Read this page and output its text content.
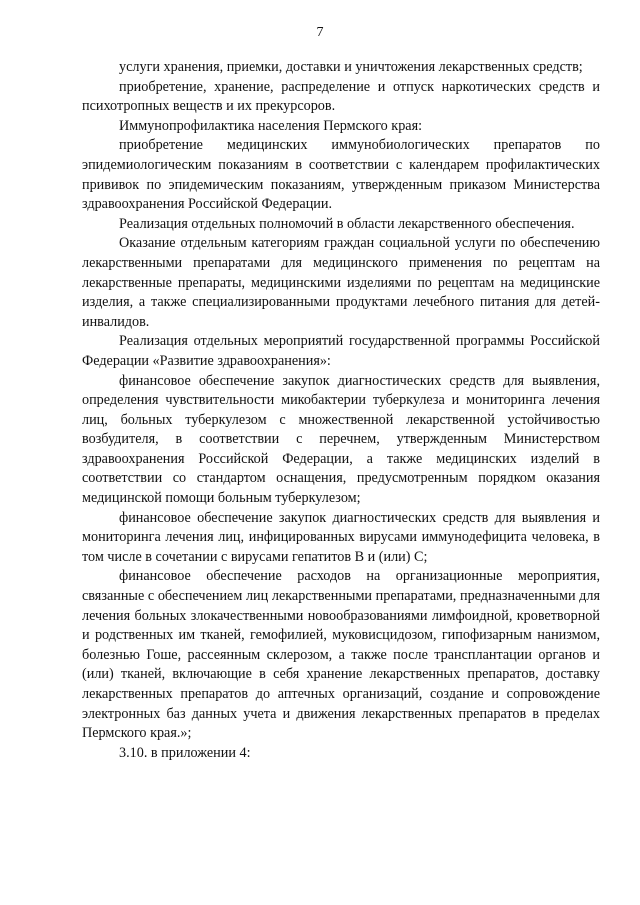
7

услуги хранения, приемки, доставки и уничтожения лекарственных средств;

приобретение, хранение, распределение и отпуск наркотических средств и психотропных веществ и их прекурсоров.

Иммунопрофилактика населения Пермского края:

приобретение медицинских иммунобиологических препаратов по эпидемиологическим показаниям в соответствии с календарем профилактических прививок по эпидемическим показаниям, утвержденным приказом Министерства здравоохранения Российской Федерации.

Реализация отдельных полномочий в области лекарственного обеспечения.

Оказание отдельным категориям граждан социальной услуги по обеспечению лекарственными препаратами для медицинского применения по рецептам на лекарственные препараты, медицинскими изделиями по рецептам на медицинские изделия, а также специализированными продуктами лечебного питания для детей-инвалидов.

Реализация отдельных мероприятий государственной программы Российской Федерации «Развитие здравоохранения»:

финансовое обеспечение закупок диагностических средств для выявления, определения чувствительности микобактерии туберкулеза и мониторинга лечения лиц, больных туберкулезом с множественной лекарственной устойчивостью возбудителя, в соответствии с перечнем, утвержденным Министерством здравоохранения Российской Федерации, а также медицинских изделий в соответствии со стандартом оснащения, предусмотренным порядком оказания медицинской помощи больным туберкулезом;

финансовое обеспечение закупок диагностических средств для выявления и мониторинга лечения лиц, инфицированных вирусами иммунодефицита человека, в том числе в сочетании с вирусами гепатитов В и (или) С;

финансовое обеспечение расходов на организационные мероприятия, связанные с обеспечением лиц лекарственными препаратами, предназначенными для лечения больных злокачественными новообразованиями лимфоидной, кроветворной и родственных им тканей, гемофилией, муковисцидозом, гипофизарным нанизмом, болезнью Гоше, рассеянным склерозом, а также после трансплантации органов и (или) тканей, включающие в себя хранение лекарственных препаратов, доставку лекарственных препаратов до аптечных организаций, создание и сопровождение электронных баз данных учета и движения лекарственных препаратов в пределах Пермского края.»;

3.10. в приложении 4:
